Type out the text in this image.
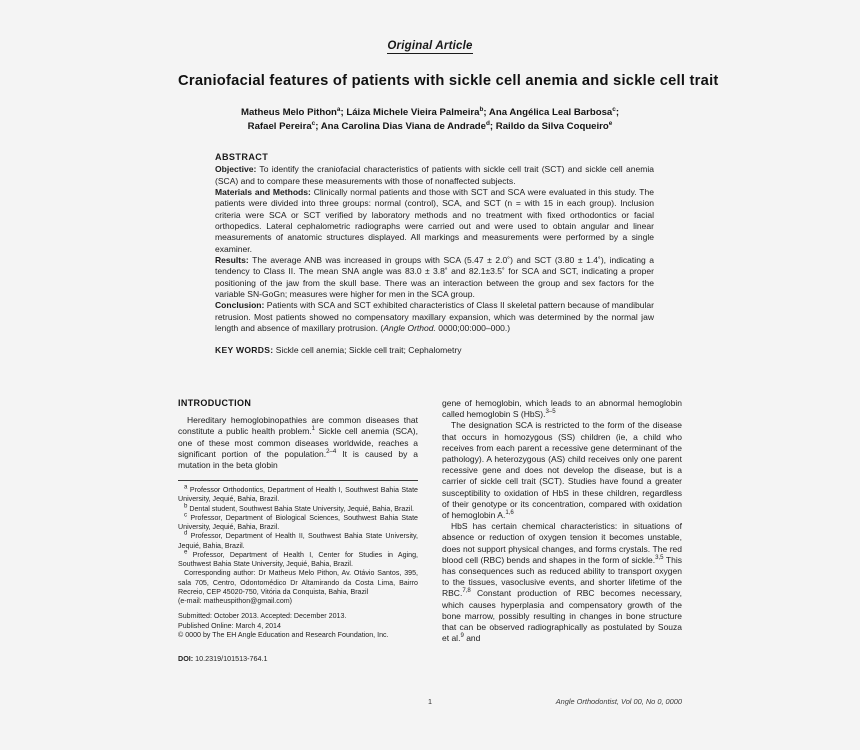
Original Article
Craniofacial features of patients with sickle cell anemia and sickle cell trait
Matheus Melo Pithon$^a$; Láiza Michele Vieira Palmeira$^b$; Ana Angélica Leal Barbosa$^c$;
Rafael Pereira$^c$; Ana Carolina Dias Viana de Andrade$^d$; Raildo da Silva Coqueiro$^e$
ABSTRACT

Objective: To identify the craniofacial characteristics of patients with sickle cell trait (SCT) and sickle cell anemia (SCA) and to compare these measurements with those of nonaffected subjects.

Materials and Methods: Clinically normal patients and those with SCT and SCA were evaluated in this study. The patients were divided into three groups: normal (control), SCA, and SCT (n = with 15 in each group). Inclusion criteria were SCA or SCT verified by laboratory methods and no treatment with fixed orthodontics or facial orthopedics. Lateral cephalometric radiographs were carried out and were used to obtain angular and linear measurements of anatomic structures displayed. All markings and measurements were performed by a single examiner.

Results: The average ANB was increased in groups with SCA (5.47 ± 2.0˚) and SCT (3.80 ± 1.4˚), indicating a tendency to Class II. The mean SNA angle was 83.0 ± 3.8˚ and 82.1±3.5˚ for SCA and SCT, indicating a proper positioning of the jaw from the skull base. There was an interaction between the group and sex factors for the variable SN-GoGn; measures were higher for men in the SCA group.

Conclusion: Patients with SCA and SCT exhibited characteristics of Class II skeletal pattern because of mandibular retrusion. Most patients showed no compensatory maxillary expansion, which was determined by the normal jaw length and absence of maxillary protrusion. (Angle Orthod. 0000;00:000–000.)

KEY WORDS: Sickle cell anemia; Sickle cell trait; Cephalometry
INTRODUCTION

Hereditary hemoglobinopathies are common diseases that constitute a public health problem.$^1$ Sickle cell anemia (SCA), one of these most common diseases worldwide, reaches a significant portion of the population.$^{2-4}$ It is caused by a mutation in the beta globin

$^a$ Professor Orthodontics, Department of Health I, Southwest Bahia State University, Jequié, Bahia, Brazil.

$^b$ Dental student, Southwest Bahia State University, Jequié, Bahia, Brazil.

$^c$ Professor, Department of Biological Sciences, Southwest Bahia State University, Jequié, Bahia, Brazil.

$^d$ Professor, Department of Health II, Southwest Bahia State University, Jequié, Bahia, Brazil.

$^e$ Professor, Department of Health I, Center for Studies in Aging, Southwest Bahia State University, Jequié, Bahia, Brazil.

Corresponding author: Dr Matheus Melo Pithon, Av. Otávio Santos, 395, sala 705, Centro, Odontomédico Dr Altamirando da Costa Lima, Bairro Recreio, CEP 45020-750, Vitória da Conquista, Bahia, Brazil

(e-mail: matheuspithon@gmail.com)

Submitted: October 2013. Accepted: December 2013.

Published Online: March 4, 2014

© 0000 by The EH Angle Education and Research Foundation, Inc.

DOI: 10.2319/101513-764.1

gene of hemoglobin, which leads to an abnormal hemoglobin called hemoglobin S (HbS).$^{3-5}$

The designation SCA is restricted to the form of the disease that occurs in homozygous (SS) children (ie, a child who receives from each parent a recessive gene determinant of the pathology). A heterozygous (AS) child receives only one parent recessive gene and does not develop the disease, but is a carrier of sickle cell trait (SCT). Studies have found a greater susceptibility to oxidation of HbS in these children, regardless of their genotype or its concentration, compared with oxidation of hemoglobin A.$^{1,6}$

HbS has certain chemical characteristics: in situations of absence or reduction of oxygen tension it becomes unstable, does not support physical changes, and forms crystals. The red blood cell (RBC) bends and shapes in the form of sickle.$^{3,5}$ This has consequences such as reduced ability to transport oxygen to the tissues, vasoclusive events, and shorter lifetime of the RBC.$^{7,8}$ Constant production of RBC becomes necessary, which causes hyperplasia and compensatory growth of the bone marrow, possibly resulting in changes in bone structure that can be observed radiographically as postulated by Souza et al.$^9$ and

1	Angle Orthodontist, Vol 00, No 0, 0000
